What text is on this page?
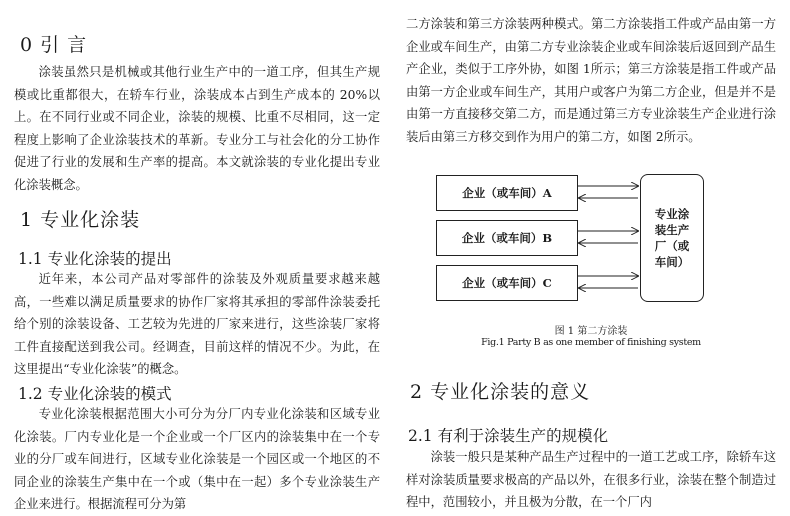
0 引 言
涂装虽然只是机械或其他行业生产中的一道工序，但其生产规模或比重都很大，在轿车行业，涂装成本占到生产成本的 20%以上。在不同行业或不同企业，涂装的规模、比重不尽相同，这一定程度上影响了企业涂装技术的革新。专业分工与社会化的分工协作促进了行业的发展和生产率的提高。本文就涂装的专业化提出专业化涂装概念。
1 专业化涂装
1.1 专业化涂装的提出
近年来，本公司产品对零部件的涂装及外观质量要求越来越高，一些难以满足质量要求的协作厂家将其承担的零部件涂装委托给个别的涂装设备、工艺较为先进的厂家来进行，这些涂装厂家将工件直接配送到我公司。经调查，目前这样的情况不少。为此，在这里提出“专业化涂装”的概念。
1.2 专业化涂装的模式
专业化涂装根据范围大小可分为分厂内专业化涂装和区域专业化涂装。厂内专业化是一个企业或一个厂区内的涂装集中在一个专业的分厂或车间进行，区域专业化涂装是一个园区或一个地区的不同企业的涂装生产集中在一个或（集中在一起）多个专业涂装生产企业来进行。根据流程可分为第
二方涂装和第三方涂装两种模式。第二方涂装指工件或产品由第一方企业或车间生产，由第二方专业涂装企业或车间涂装后返回到产品生产企业，类似于工序外协，如图 1所示；第三方涂装是指工件或产品由第一方企业或车间生产，其用户或客户为第二方企业，但是并不是由第一方直接移交第二方，而是通过第三方专业涂装生产企业进行涂装后由第三方移交到作为用户的第二方，如图 2所示。
企业（或车间）A
企业（或车间）B
企业（或车间）C
专业涂装生产厂（或车间）
图 1 第二方涂装
Fig.1 Party B as one member of finishing system
2 专业化涂装的意义
2.1 有利于涂装生产的规模化
涂装一般只是某种产品生产过程中的一道工艺或工序，除轿车这样对涂装质量要求极高的产品以外，在很多行业，涂装在整个制造过程中，范围较小，并且极为分散，在一个厂内
